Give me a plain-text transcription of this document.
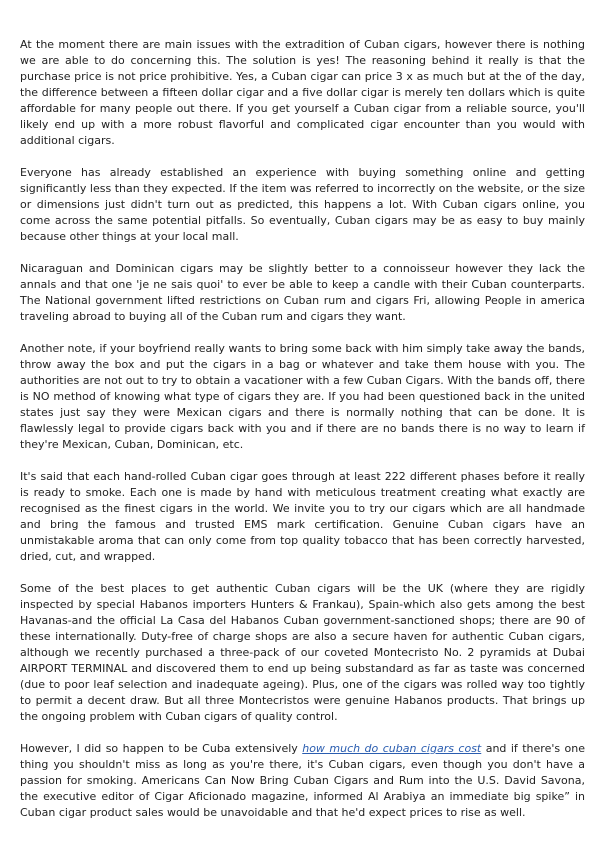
At the moment there are main issues with the extradition of Cuban cigars, however there is nothing we are able to do concerning this. The solution is yes! The reasoning behind it really is that the purchase price is not price prohibitive. Yes, a Cuban cigar can price 3 x as much but at the of the day, the difference between a fifteen dollar cigar and a five dollar cigar is merely ten dollars which is quite affordable for many people out there. If you get yourself a Cuban cigar from a reliable source, you'll likely end up with a more robust flavorful and complicated cigar encounter than you would with additional cigars.

Everyone has already established an experience with buying something online and getting significantly less than they expected. If the item was referred to incorrectly on the website, or the size or dimensions just didn't turn out as predicted, this happens a lot. With Cuban cigars online, you come across the same potential pitfalls. So eventually, Cuban cigars may be as easy to buy mainly because other things at your local mall.

Nicaraguan and Dominican cigars may be slightly better to a connoisseur however they lack the annals and that one 'je ne sais quoi' to ever be able to keep a candle with their Cuban counterparts. The National government lifted restrictions on Cuban rum and cigars Fri, allowing People in america traveling abroad to buying all of the Cuban rum and cigars they want.

Another note, if your boyfriend really wants to bring some back with him simply take away the bands, throw away the box and put the cigars in a bag or whatever and take them house with you. The authorities are not out to try to obtain a vacationer with a few Cuban Cigars. With the bands off, there is NO method of knowing what type of cigars they are. If you had been questioned back in the united states just say they were Mexican cigars and there is normally nothing that can be done. It is flawlessly legal to provide cigars back with you and if there are no bands there is no way to learn if they're Mexican, Cuban, Dominican, etc.

It's said that each hand-rolled Cuban cigar goes through at least 222 different phases before it really is ready to smoke. Each one is made by hand with meticulous treatment creating what exactly are recognised as the finest cigars in the world. We invite you to try our cigars which are all handmade and bring the famous and trusted EMS mark certification. Genuine Cuban cigars have an unmistakable aroma that can only come from top quality tobacco that has been correctly harvested, dried, cut, and wrapped.

Some of the best places to get authentic Cuban cigars will be the UK (where they are rigidly inspected by special Habanos importers Hunters & Frankau), Spain-which also gets among the best Havanas-and the official La Casa del Habanos Cuban government-sanctioned shops; there are 90 of these internationally. Duty-free of charge shops are also a secure haven for authentic Cuban cigars, although we recently purchased a three-pack of our coveted Montecristo No. 2 pyramids at Dubai AIRPORT TERMINAL and discovered them to end up being substandard as far as taste was concerned (due to poor leaf selection and inadequate ageing). Plus, one of the cigars was rolled way too tightly to permit a decent draw. But all three Montecristos were genuine Habanos products. That brings up the ongoing problem with Cuban cigars of quality control.

However, I did so happen to be Cuba extensively how much do cuban cigars cost and if there's one thing you shouldn't miss as long as you're there, it's Cuban cigars, even though you don't have a passion for smoking. Americans Can Now Bring Cuban Cigars and Rum into the U.S. David Savona, the executive editor of Cigar Aficionado magazine, informed Al Arabiya an immediate big spike” in Cuban cigar product sales would be unavoidable and that he'd expect prices to rise as well.
